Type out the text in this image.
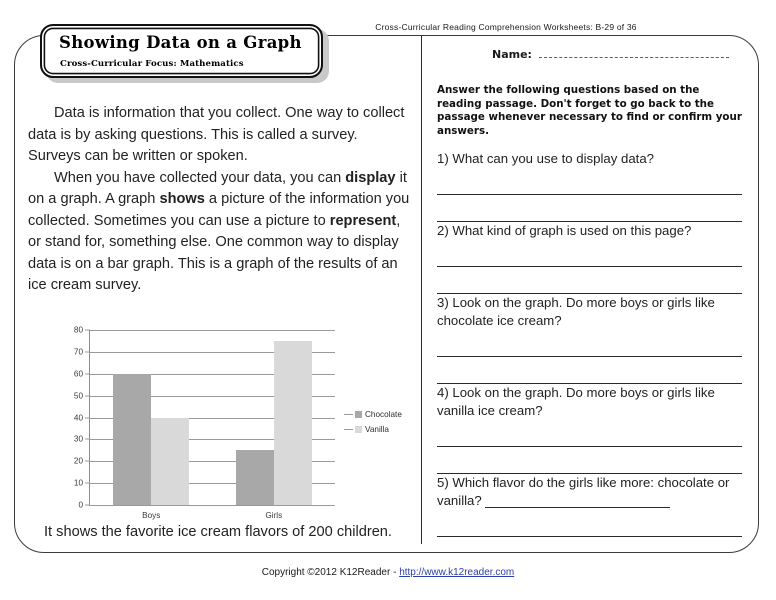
Cross-Curricular Reading Comprehension Worksheets: B-29 of 36
Showing Data on a Graph
Cross-Curricular Focus: Mathematics
Name:

Data is information that you collect. One way to collect data is by asking questions. This is called a survey. Surveys can be written or spoken.

When you have collected your data, you can display it on a graph. A graph shows a picture of the information you collected. Sometimes you can use a picture to represent, or stand for, something else. One common way to display data is on a bar graph. This is a graph of the results of an ice cream survey.

80
70
60
50
40
30
20
10
0
Boys	Girls
Chocolate
Vanilla
It shows the favorite ice cream flavors of 200 children.
Answer the following questions based on the reading passage. Don't forget to go back to the passage whenever necessary to find or confirm your answers.
1) What can you use to display data?
2) What kind of graph is used on this page?
3) Look on the graph. Do more boys or girls like chocolate ice cream?
4) Look on the graph. Do more boys or girls like vanilla ice cream?
5) Which flavor do the girls like more: chocolate or vanilla?
Copyright ©2012 K12Reader - http://www.k12reader.com
